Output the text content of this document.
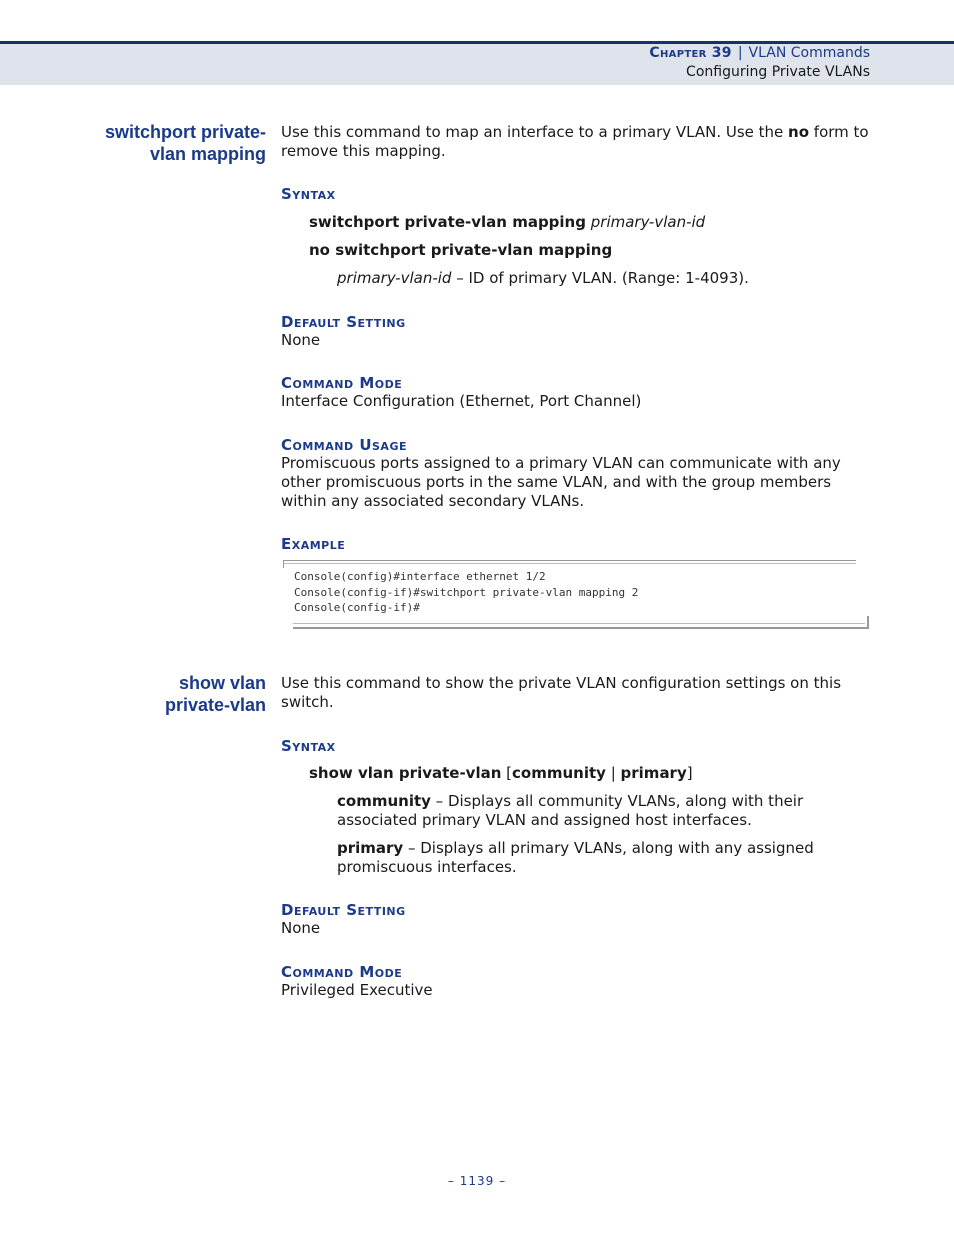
Chapter 39 | VLAN Commands
Configuring Private VLANs
switchport private-
vlan mapping
Use this command to map an interface to a primary VLAN. Use the no form to remove this mapping.
Syntax
switchport private-vlan mapping primary-vlan-id
no switchport private-vlan mapping
primary-vlan-id – ID of primary VLAN. (Range: 1-4093).
Default Setting
None
Command Mode
Interface Configuration (Ethernet, Port Channel)
Command Usage
Promiscuous ports assigned to a primary VLAN can communicate with any other promiscuous ports in the same VLAN, and with the group members within any associated secondary VLANs.
Example
Console(config)#interface ethernet 1/2
Console(config-if)#switchport private-vlan mapping 2
Console(config-if)#
show vlan
private-vlan
Use this command to show the private VLAN configuration settings on this switch.
Syntax
show vlan private-vlan [community | primary]
community – Displays all community VLANs, along with their associated primary VLAN and assigned host interfaces.
primary – Displays all primary VLANs, along with any assigned promiscuous interfaces.
Default Setting
None
Command Mode
Privileged Executive
– 1139 –
